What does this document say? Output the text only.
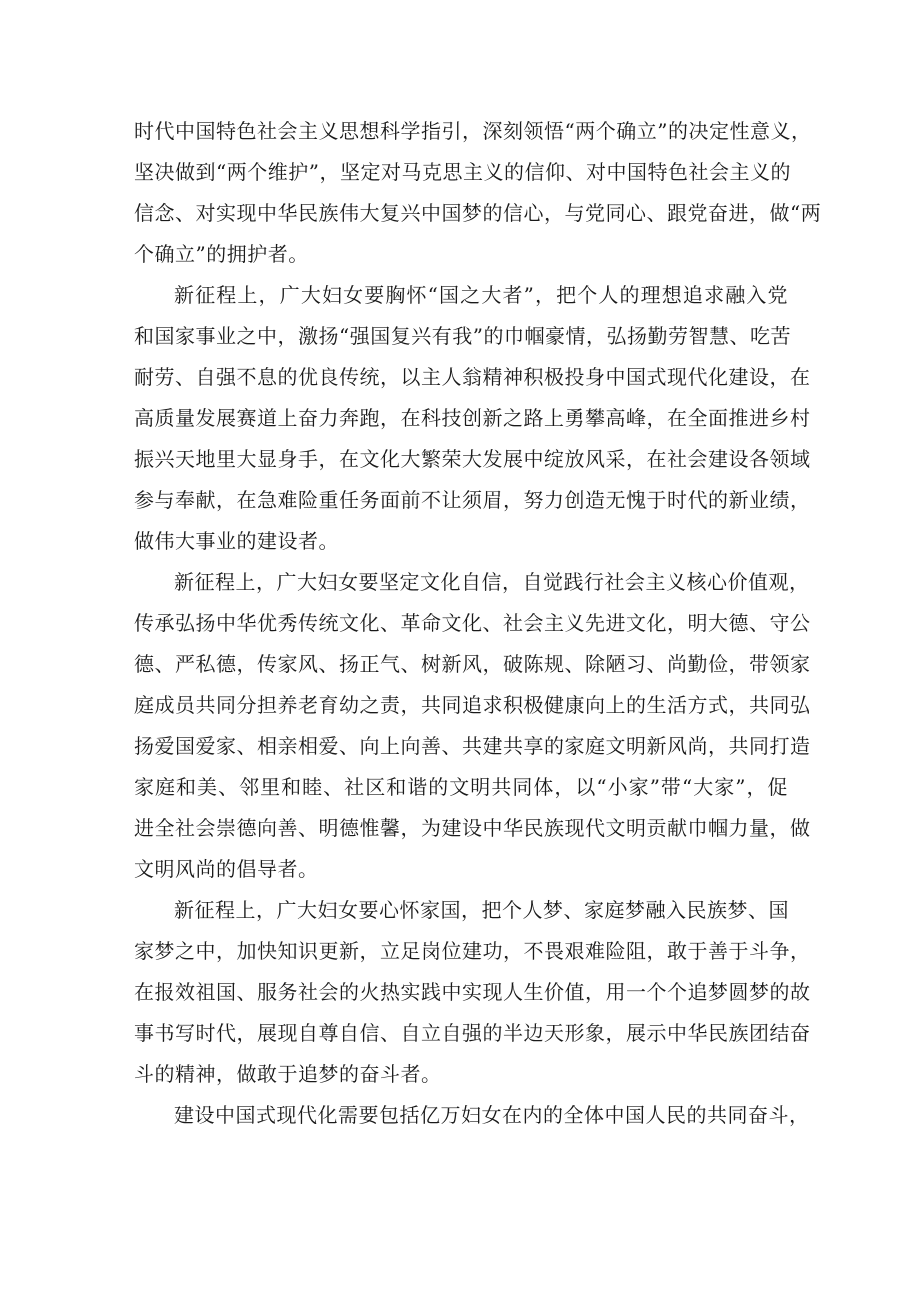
时代中国特色社会主义思想科学指引，深刻领悟“两个确立”的决定性意义，
坚决做到“两个维护”，坚定对马克思主义的信仰、对中国特色社会主义的
信念、对实现中华民族伟大复兴中国梦的信心，与党同心、跟党奋进，做“两
个确立”的拥护者。
新征程上，广大妇女要胸怀“国之大者”，把个人的理想追求融入党
和国家事业之中，激扬“强国复兴有我”的巾帼豪情，弘扬勤劳智慧、吃苦
耐劳、自强不息的优良传统，以主人翁精神积极投身中国式现代化建设，在
高质量发展赛道上奋力奔跑，在科技创新之路上勇攀高峰，在全面推进乡村
振兴天地里大显身手，在文化大繁荣大发展中绽放风采，在社会建设各领域
参与奉献，在急难险重任务面前不让须眉，努力创造无愧于时代的新业绩，
做伟大事业的建设者。
新征程上，广大妇女要坚定文化自信，自觉践行社会主义核心价值观，
传承弘扬中华优秀传统文化、革命文化、社会主义先进文化，明大德、守公
德、严私德，传家风、扬正气、树新风，破陈规、除陋习、尚勤俭，带领家
庭成员共同分担养老育幼之责，共同追求积极健康向上的生活方式，共同弘
扬爱国爱家、相亲相爱、向上向善、共建共享的家庭文明新风尚，共同打造
家庭和美、邻里和睦、社区和谐的文明共同体，以“小家”带“大家”，促
进全社会崇德向善、明德惟馨，为建设中华民族现代文明贡献巾帼力量，做
文明风尚的倡导者。
新征程上，广大妇女要心怀家国，把个人梦、家庭梦融入民族梦、国
家梦之中，加快知识更新，立足岗位建功，不畏艰难险阻，敢于善于斗争，
在报效祖国、服务社会的火热实践中实现人生价值，用一个个追梦圆梦的故
事书写时代，展现自尊自信、自立自强的半边天形象，展示中华民族团结奋
斗的精神，做敢于追梦的奋斗者。
建设中国式现代化需要包括亿万妇女在内的全体中国人民的共同奋斗，
